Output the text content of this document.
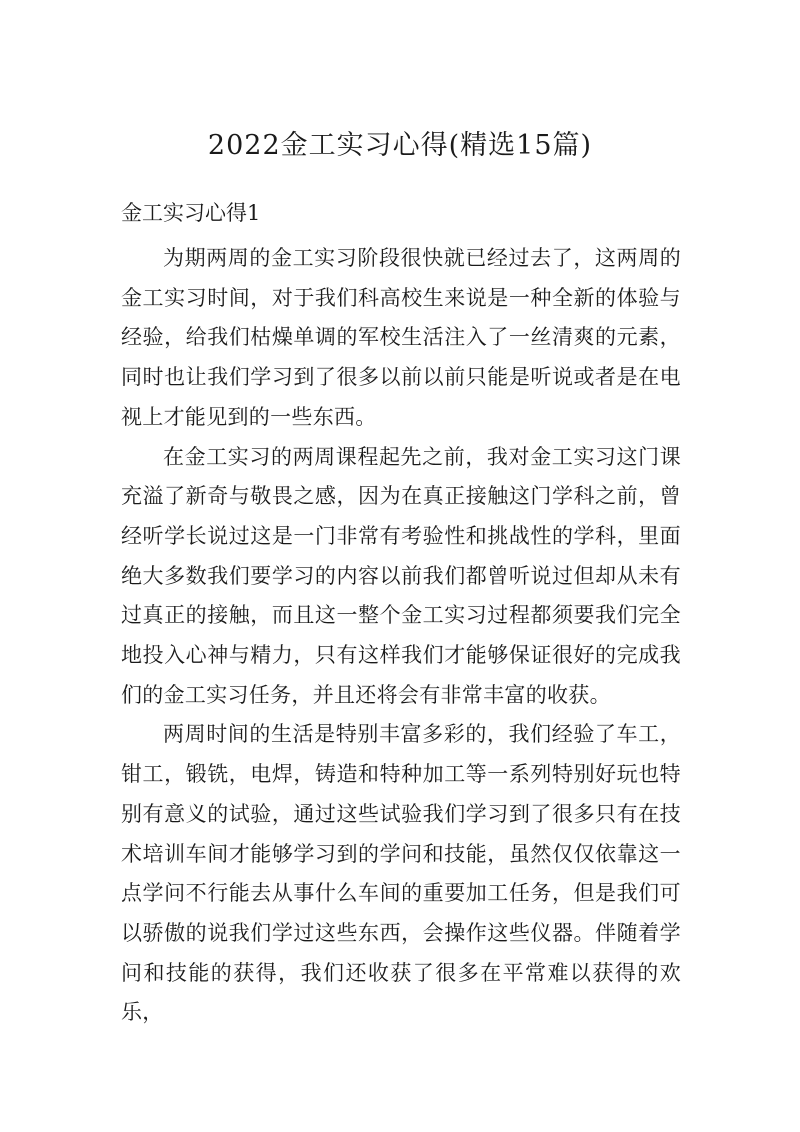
2022金工实习心得(精选15篇)
金工实习心得1

为期两周的金工实习阶段很快就已经过去了，这两周的金工实习时间，对于我们科高校生来说是一种全新的体验与经验，给我们枯燥单调的军校生活注入了一丝清爽的元素，同时也让我们学习到了很多以前以前只能是听说或者是在电视上才能见到的一些东西。

在金工实习的两周课程起先之前，我对金工实习这门课充溢了新奇与敬畏之感，因为在真正接触这门学科之前，曾经听学长说过这是一门非常有考验性和挑战性的学科，里面绝大多数我们要学习的内容以前我们都曾听说过但却从未有过真正的接触，而且这一整个金工实习过程都须要我们完全地投入心神与精力，只有这样我们才能够保证很好的完成我们的金工实习任务，并且还将会有非常丰富的收获。

两周时间的生活是特别丰富多彩的，我们经验了车工，钳工，锻铣，电焊，铸造和特种加工等一系列特别好玩也特别有意义的试验，通过这些试验我们学习到了很多只有在技术培训车间才能够学习到的学问和技能，虽然仅仅依靠这一点学问不行能去从事什么车间的重要加工任务，但是我们可以骄傲的说我们学过这些东西，会操作这些仪器。伴随着学问和技能的获得，我们还收获了很多在平常难以获得的欢乐，
